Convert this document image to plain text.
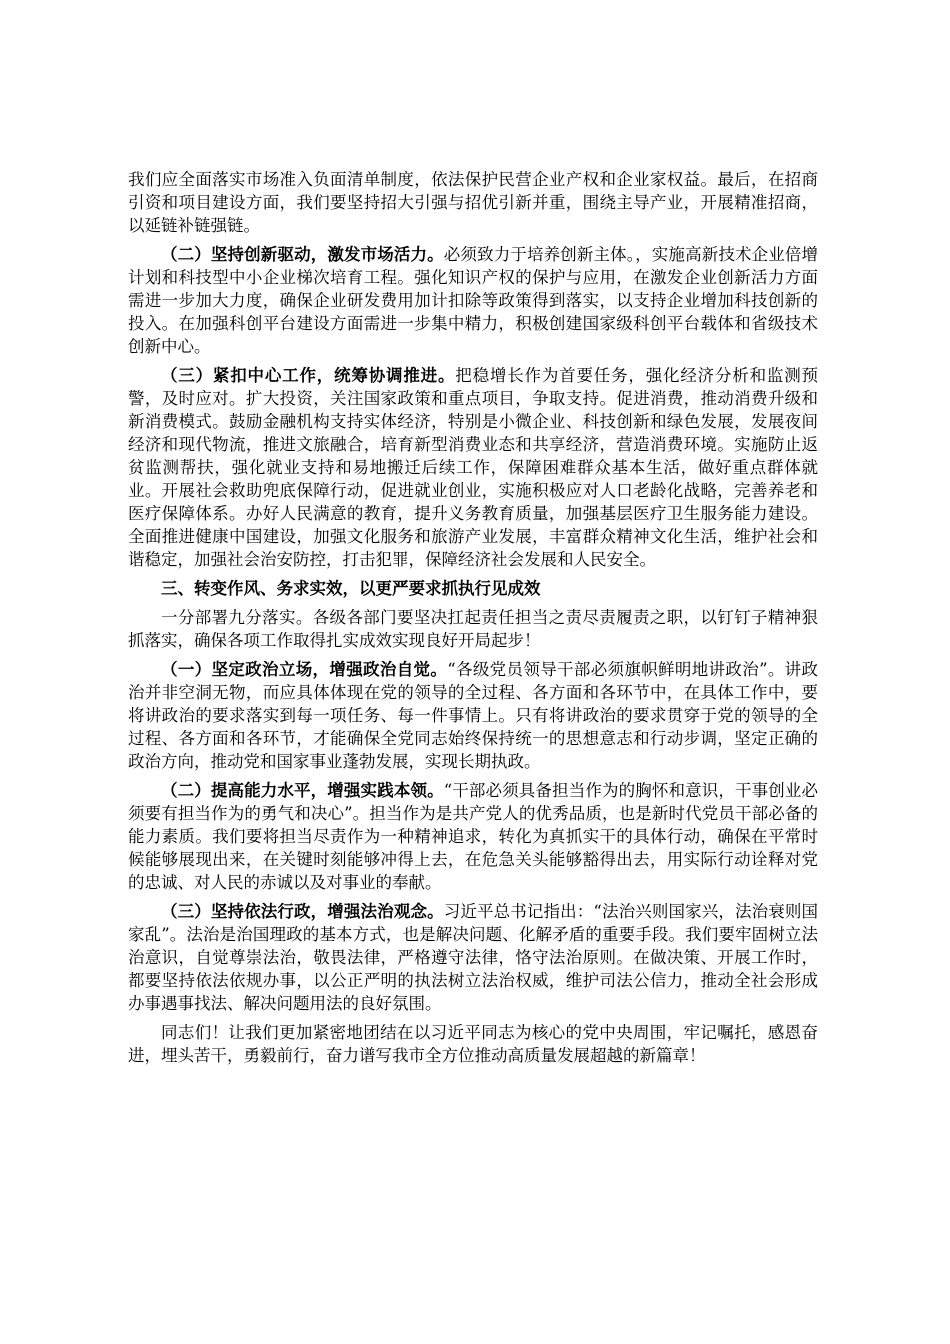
我们应全面落实市场准入负面清单制度，依法保护民营企业产权和企业家权益。最后，在招商引资和项目建设方面，我们要坚持招大引强与招优引新并重，围绕主导产业，开展精准招商，以延链补链强链。

（二）坚持创新驱动，激发市场活力。必须致力于培养创新主体。，实施高新技术企业倍增计划和科技型中小企业梯次培育工程。强化知识产权的保护与应用，在激发企业创新活力方面需进一步加大力度，确保企业研发费用加计扣除等政策得到落实，以支持企业增加科技创新的投入。在加强科创平台建设方面需进一步集中精力，积极创建国家级科创平台载体和省级技术创新中心。

（三）紧扣中心工作，统筹协调推进。把稳增长作为首要任务，强化经济分析和监测预警，及时应对。扩大投资，关注国家政策和重点项目，争取支持。促进消费，推动消费升级和新消费模式。鼓励金融机构支持实体经济，特别是小微企业、科技创新和绿色发展，发展夜间经济和现代物流，推进文旅融合，培育新型消费业态和共享经济，营造消费环境。实施防止返贫监测帮扶，强化就业支持和易地搬迁后续工作，保障困难群众基本生活，做好重点群体就业。开展社会救助兜底保障行动，促进就业创业，实施积极应对人口老龄化战略，完善养老和医疗保障体系。办好人民满意的教育，提升义务教育质量，加强基层医疗卫生服务能力建设。全面推进健康中国建设，加强文化服务和旅游产业发展，丰富群众精神文化生活，维护社会和谐稳定，加强社会治安防控，打击犯罪，保障经济社会发展和人民安全。

三、转变作风、务求实效，以更严要求抓执行见成效

一分部署九分落实。各级各部门要坚决扛起责任担当之责尽责履责之职，以钉钉子精神狠抓落实，确保各项工作取得扎实成效实现良好开局起步！

（一）坚定政治立场，增强政治自觉。“各级党员领导干部必须旗帜鲜明地讲政治”。讲政治并非空洞无物，而应具体体现在党的领导的全过程、各方面和各环节中，在具体工作中，要将讲政治的要求落实到每一项任务、每一件事情上。只有将讲政治的要求贯穿于党的领导的全过程、各方面和各环节，才能确保全党同志始终保持统一的思想意志和行动步调，坚定正确的政治方向，推动党和国家事业蓬勃发展，实现长期执政。

（二）提高能力水平，增强实践本领。“干部必须具备担当作为的胸怀和意识，干事创业必须要有担当作为的勇气和决心”。担当作为是共产党人的优秀品质，也是新时代党员干部必备的能力素质。我们要将担当尽责作为一种精神追求，转化为真抓实干的具体行动，确保在平常时候能够展现出来，在关键时刻能够冲得上去，在危急关头能够豁得出去，用实际行动诠释对党的忠诚、对人民的赤诚以及对事业的奉献。

（三）坚持依法行政，增强法治观念。习近平总书记指出：“法治兴则国家兴，法治衰则国家乱”。法治是治国理政的基本方式，也是解决问题、化解矛盾的重要手段。我们要牢固树立法治意识，自觉尊崇法治，敬畏法律，严格遵守法律，恪守法治原则。在做决策、开展工作时，都要坚持依法依规办事，以公正严明的执法树立法治权威，维护司法公信力，推动全社会形成办事遇事找法、解决问题用法的良好氛围。

同志们！让我们更加紧密地团结在以习近平同志为核心的党中央周围，牢记嘱托，感恩奋进，埋头苦干，勇毅前行，奋力谱写我市全方位推动高质量发展超越的新篇章！
